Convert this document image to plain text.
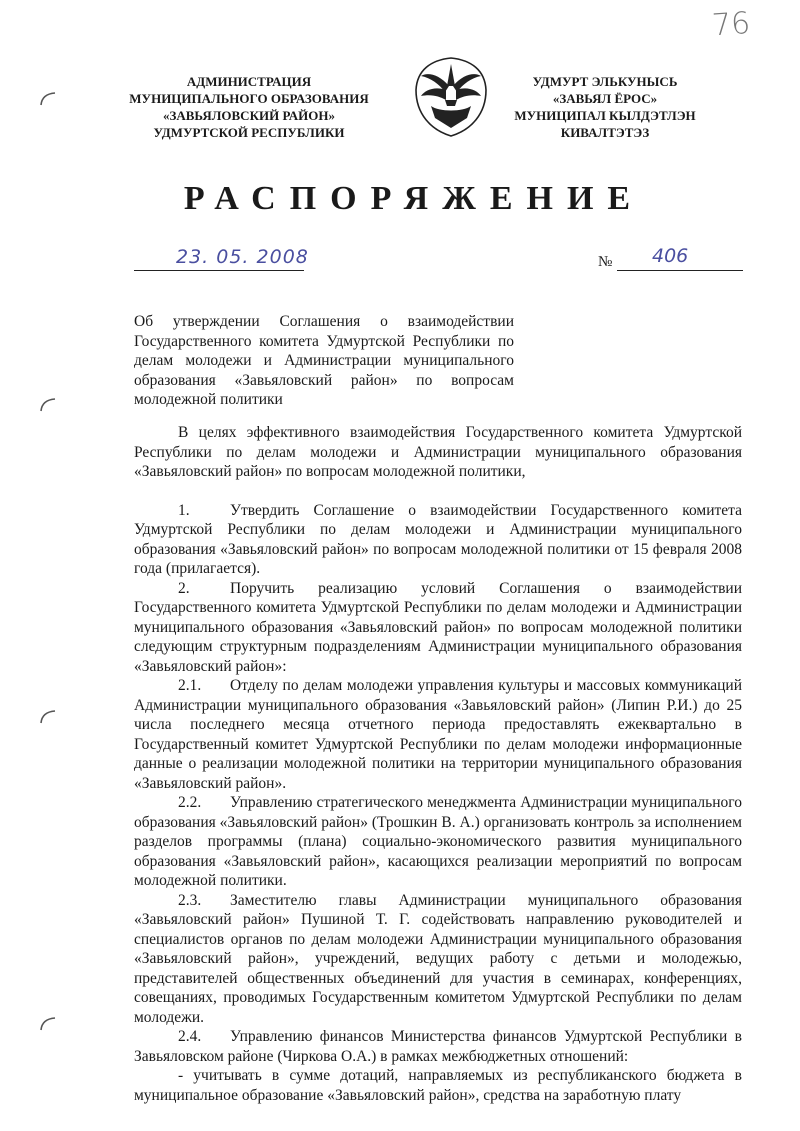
76
АДМИНИСТРАЦИЯ
МУНИЦИПАЛЬНОГО ОБРАЗОВАНИЯ
«ЗАВЬЯЛОВСКИЙ РАЙОН»
УДМУРТСКОЙ РЕСПУБЛИКИ
УДМУРТ ЭЛЬКУНЫСЬ
«ЗАВЬЯЛ ЁРОС»
МУНИЦИПАЛ КЫЛДЭТЛЭН
КИВАЛТЭТЭЗ
РАСПОРЯЖЕНИЕ
23. 05. 2008	№ 406
Об утверждении Соглашения о взаимодействии Государственного комитета Удмуртской Республики по делам молодежи и Администрации муниципального образования «Завьяловский район» по вопросам молодежной политики

В целях эффективного взаимодействия Государственного комитета Удмуртской Республики по делам молодежи и Администрации муниципального образования «Завьяловский район» по вопросам молодежной политики,

1.	Утвердить Соглашение о взаимодействии Государственного комитета Удмуртской Республики по делам молодежи и Администрации муниципального образования «Завьяловский район» по вопросам молодежной политики от 15 февраля 2008 года (прилагается).

2.	Поручить реализацию условий Соглашения о взаимодействии Государственного комитета Удмуртской Республики по делам молодежи и Администрации муниципального образования «Завьяловский район» по вопросам молодежной политики следующим структурным подразделениям Администрации муниципального образования «Завьяловский район»:

2.1. Отделу по делам молодежи управления культуры и массовых коммуникаций Администрации муниципального образования «Завьяловский район» (Липин Р.И.) до 25 числа последнего месяца отчетного периода предоставлять ежеквартально в Государственный комитет Удмуртской Республики по делам молодежи информационные данные о реализации молодежной политики на территории муниципального образования «Завьяловский район».

2.2. Управлению стратегического менеджмента Администрации муниципального образования «Завьяловский район» (Трошкин В. А.) организовать контроль за исполнением разделов программы (плана) социально-экономического развития муниципального образования «Завьяловский район», касающихся реализации мероприятий по вопросам молодежной политики.

2.3. Заместителю главы Администрации муниципального образования «Завьяловский район» Пушиной Т. Г. содействовать направлению руководителей и специалистов органов по делам молодежи Администрации муниципального образования «Завьяловский район», учреждений, ведущих работу с детьми и молодежью, представителей общественных объединений для участия в семинарах, конференциях, совещаниях, проводимых Государственным комитетом Удмуртской Республики по делам молодежи.

2.4. Управлению финансов Министерства финансов Удмуртской Республики в Завьяловском районе (Чиркова О.А.) в рамках межбюджетных отношений:

- учитывать в сумме дотаций, направляемых из республиканского бюджета в муниципальное образование «Завьяловский район», средства на заработную плату
